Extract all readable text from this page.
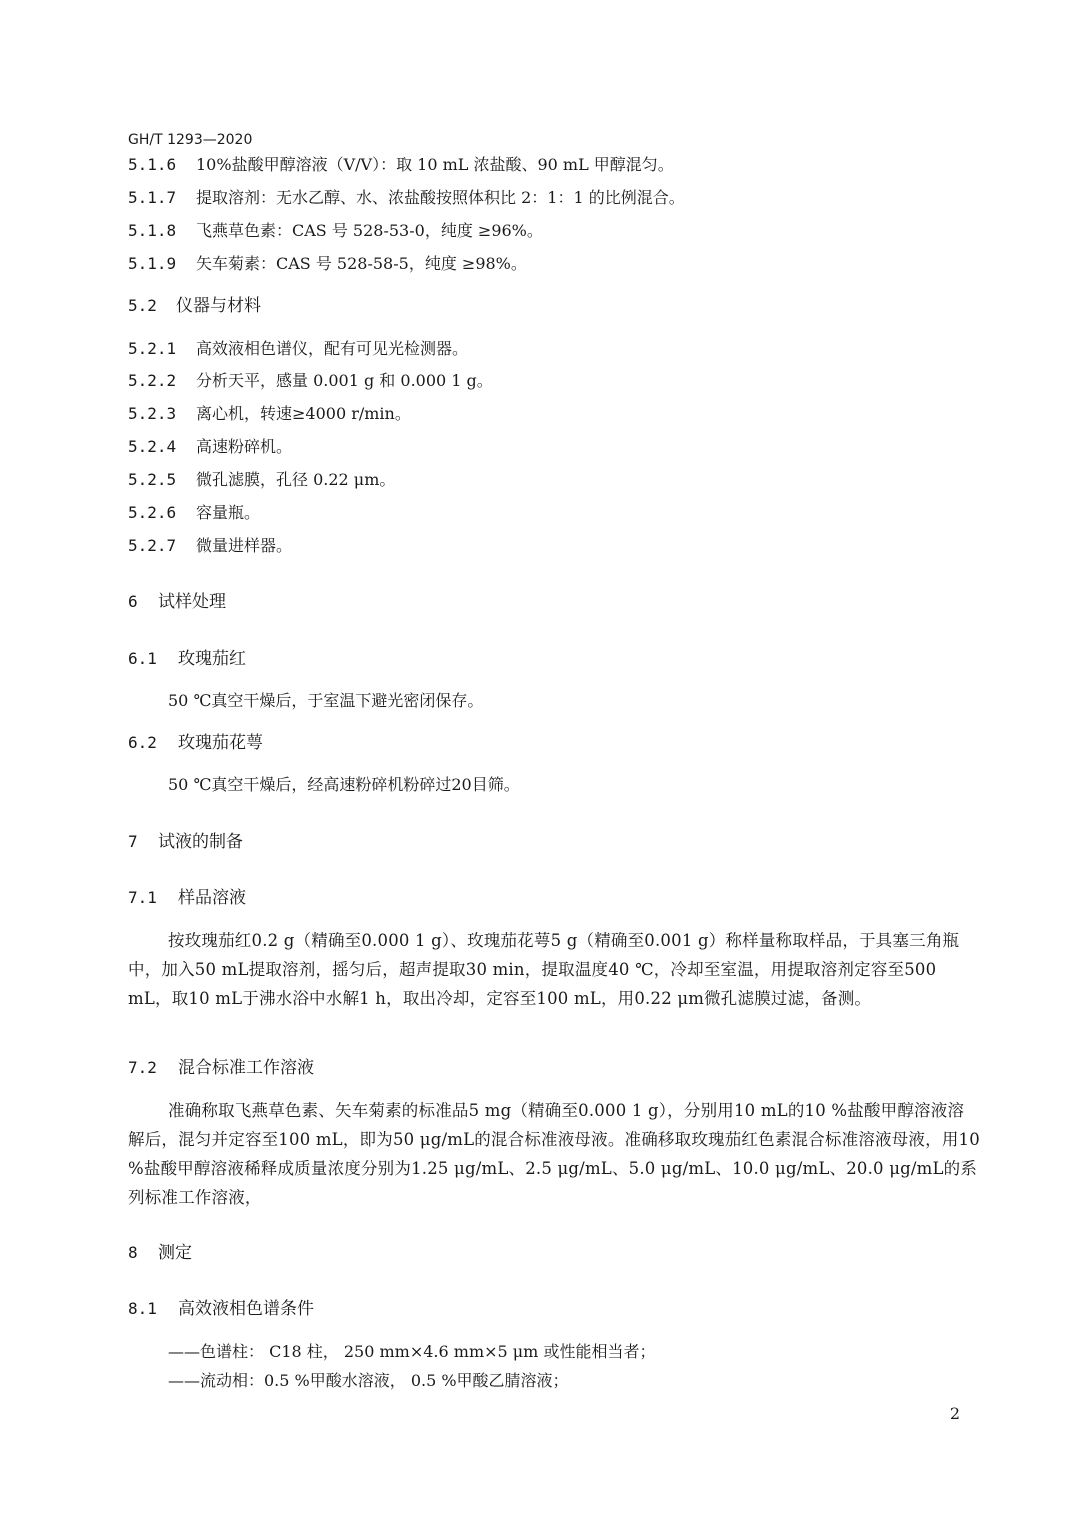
GH/T 1293—2020
5.1.6 10%盐酸甲醇溶液（V/V）：取 10 mL 浓盐酸、90 mL 甲醇混匀。
5.1.7 提取溶剂：无水乙醇、水、浓盐酸按照体积比 2：1：1 的比例混合。
5.1.8 飞燕草色素：CAS 号 528-53-0，纯度 ≥96%。
5.1.9 矢车菊素：CAS 号 528-58-5，纯度 ≥98%。
5.2 仪器与材料
5.2.1 高效液相色谱仪，配有可见光检测器。
5.2.2 分析天平，感量 0.001 g 和 0.000 1 g。
5.2.3 离心机，转速≥4000 r/min。
5.2.4 高速粉碎机。
5.2.5 微孔滤膜，孔径 0.22 μm。
5.2.6 容量瓶。
5.2.7 微量进样器。
6 试样处理
6.1 玫瑰茄红
50 ℃真空干燥后，于室温下避光密闭保存。
6.2 玫瑰茄花萼
50 ℃真空干燥后，经高速粉碎机粉碎过20目筛。
7 试液的制备
7.1 样品溶液
按玫瑰茄红0.2 g（精确至0.000 1 g）、玫瑰茄花萼5 g（精确至0.001 g）称样量称取样品，于具塞三角瓶中，加入50 mL提取溶剂，摇匀后，超声提取30 min，提取温度40 ℃，冷却至室温，用提取溶剂定容至500 mL，取10 mL于沸水浴中水解1 h，取出冷却，定容至100 mL，用0.22 μm微孔滤膜过滤，备测。
7.2 混合标准工作溶液
准确称取飞燕草色素、矢车菊素的标准品5 mg（精确至0.000 1 g），分别用10 mL的10 %盐酸甲醇溶液溶解后，混匀并定容至100 mL，即为50 μg/mL的混合标准液母液。准确移取玫瑰茄红色素混合标准溶液母液，用10 %盐酸甲醇溶液稀释成质量浓度分别为1.25 μg/mL、2.5 μg/mL、5.0 μg/mL、10.0 μg/mL、20.0 μg/mL的系列标准工作溶液，
8 测定
8.1 高效液相色谱条件
——色谱柱： C18 柱， 250 mm×4.6 mm×5 μm 或性能相当者；
——流动相：0.5 %甲酸水溶液， 0.5 %甲酸乙腈溶液；
2
